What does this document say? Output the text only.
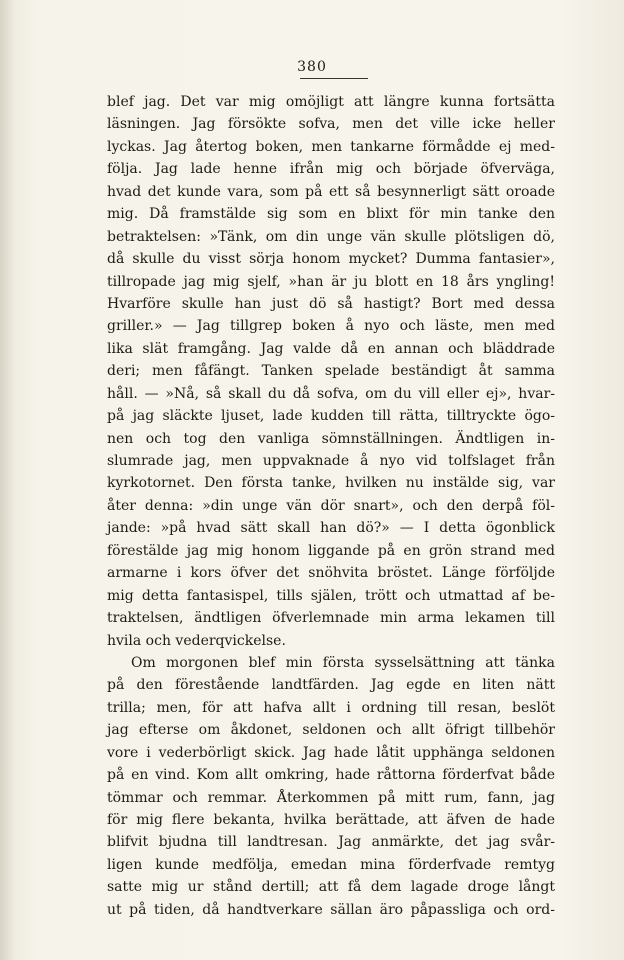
380
blef jag. Det var mig omöjligt att längre kunna fortsätta
läsningen. Jag försökte sofva, men det ville icke heller
lyckas. Jag återtog boken, men tankarne förmådde ej med-
följa. Jag lade henne ifrån mig och började öfverväga,
hvad det kunde vara, som på ett så besynnerligt sätt oroade
mig. Då framstälde sig som en blixt för min tanke den
betraktelsen: »Tänk, om din unge vän skulle plötsligen dö,
då skulle du visst sörja honom mycket? Dumma fantasier»,
tillropade jag mig sjelf, »han är ju blott en 18 års yngling!
Hvarföre skulle han just dö så hastigt? Bort med dessa
griller.» — Jag tillgrep boken å nyo och läste, men med
lika slät framgång. Jag valde då en annan och bläddrade
deri; men fåfängt. Tanken spelade beständigt åt samma
håll. — »Nå, så skall du då sofva, om du vill eller ej», hvar-
på jag släckte ljuset, lade kudden till rätta, tilltryckte ögo-
nen och tog den vanliga sömnställningen. Ändtligen in-
slumrade jag, men uppvaknade å nyo vid tolfslaget från
kyrkotornet. Den första tanke, hvilken nu instälde sig, var
åter denna: »din unge vän dör snart», och den derpå föl-
jande: »på hvad sätt skall han dö?» — I detta ögonblick
förestälde jag mig honom liggande på en grön strand med
armarne i kors öfver det snöhvita bröstet. Länge förföljde
mig detta fantasispel, tills själen, trött och utmattad af be-
traktelsen, ändtligen öfverlemnade min arma lekamen till
hvila och vederqvickelse.
Om morgonen blef min första sysselsättning att tänka
på den förestående landtfärden. Jag egde en liten nätt
trilla; men, för att hafva allt i ordning till resan, beslöt
jag efterse om åkdonet, seldonen och allt öfrigt tillbehör
vore i vederbörligt skick. Jag hade låtit upphänga seldonen
på en vind. Kom allt omkring, hade råttorna förderfvat både
tömmar och remmar. Återkommen på mitt rum, fann, jag
för mig flere bekanta, hvilka berättade, att äfven de hade
blifvit bjudna till landtresan. Jag anmärkte, det jag svår-
ligen kunde medfölja, emedan mina förderfvade remtyg
satte mig ur stånd dertill; att få dem lagade droge långt
ut på tiden, då handtverkare sällan äro påpassliga och ord-
